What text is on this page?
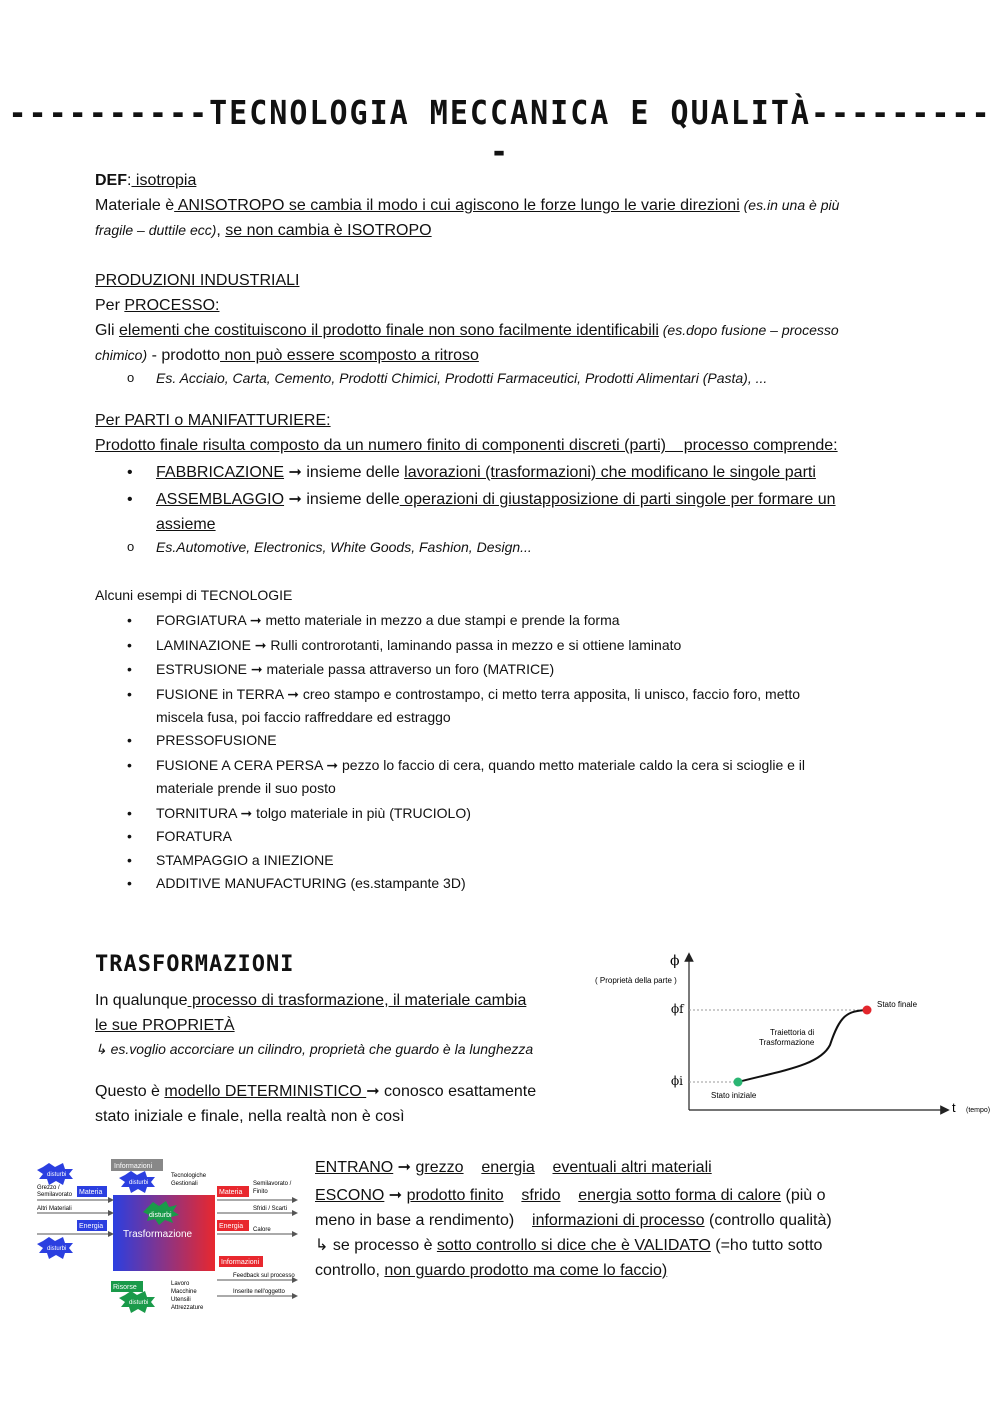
----------TECNOLOGIA MECCANICA E QUALITÀ----------
DEF: isotropia
Materiale è ANISOTROPO se cambia il modo i cui agiscono le forze lungo le varie direzioni (es.in una è più
fragile – duttile ecc), se non cambia è ISOTROPO
PRODUZIONI INDUSTRIALI
Per PROCESSO:
Gli elementi che costituiscono il prodotto finale non sono facilmente identificabili (es.dopo fusione – processo
chimico) - prodotto non può essere scomposto a ritroso
o Es. Acciaio, Carta, Cemento, Prodotti Chimici, Prodotti Farmaceutici, Prodotti Alimentari (Pasta), ...
Per PARTI o MANIFATTURIERE:
Prodotto finale risulta composto da un numero finito di componenti discreti (parti)    processo comprende:
• FABBRICAZIONE ➞ insieme delle lavorazioni (trasformazioni) che modificano le singole parti
• ASSEMBLAGGIO ➞ insieme delle operazioni di giustapposizione di parti singole per formare un
assieme
o Es.Automotive, Electronics, White Goods, Fashion, Design...
Alcuni esempi di TECNOLOGIE
• FORGIATURA ➞ metto materiale in mezzo a due stampi e prende la forma
• LAMINAZIONE ➞ Rulli controrotanti, laminando passa in mezzo e si ottiene laminato
• ESTRUSIONE ➞ materiale passa attraverso un foro (MATRICE)
• FUSIONE in TERRA ➞ creo stampo e controstampo, ci metto terra apposita, li unisco, faccio foro, metto
miscela fusa, poi faccio raffreddare ed estraggo
• PRESSOFUSIONE
• FUSIONE A CERA PERSA ➞ pezzo lo faccio di cera, quando metto materiale caldo la cera si scioglie e il
materiale prende il suo posto
• TORNITURA ➞ tolgo materiale in più (TRUCIOLO)
• FORATURA
• STAMPAGGIO a INIEZIONE
• ADDITIVE MANUFACTURING (es.stampante 3D)
TRASFORMAZIONI
In qualunque processo di trasformazione, il materiale cambia
le sue PROPRIETÀ
↳ es.voglio accorciare un cilindro, proprietà che guardo è la lunghezza
Questo è modello DETERMINISTICO ➞ conosco esattamente
stato iniziale e finale, nella realtà non è così
ϕ
( Proprietà della parte )
ϕf
ϕi
Stato finale
Traiettoria di
Trasformazione
Stato iniziale
t (tempo)
Trasformazione
disturbi
disturbi
disturbi
disturbi
disturbi
Informazioni
Tecnologiche
Gestionali
Grezzo /
Semilavorato Materia
Altri Materiali
Energia
Materia
Semilavorato /
Finito
Sfridi / Scarti
Energia Calore
Informazioni
Feedback sul processo
Inserite nell'oggetto
Risorse	Lavoro
Macchine
Utensili
Attrezzature
ENTRANO ➞ grezzo energia eventuali altri materiali
ESCONO ➞ prodotto finito sfrido energia sotto forma di calore (più o
meno in base a rendimento) informazioni di processo (controllo qualità)
↳ se processo è sotto controllo si dice che è VALIDATO (=ho tutto sotto
controllo, non guardo prodotto ma come lo faccio)
